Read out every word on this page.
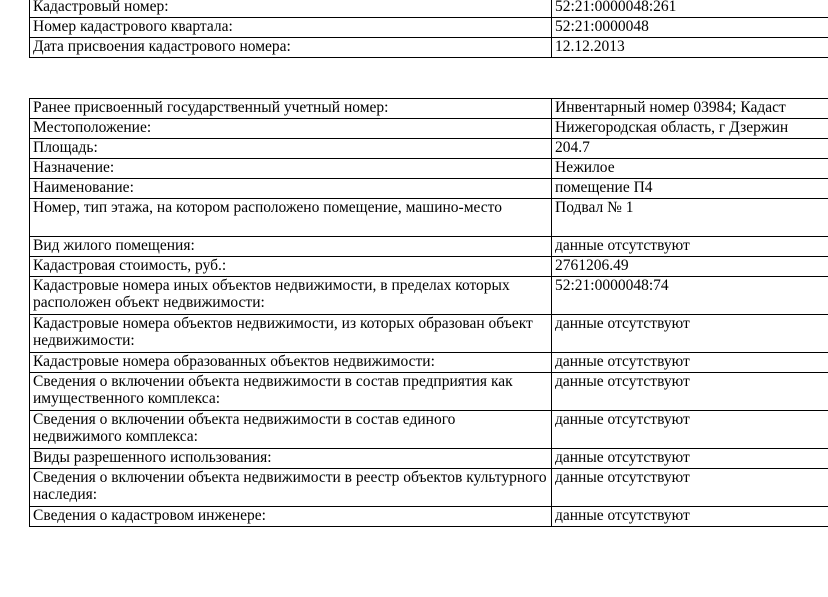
Кадастровый номер:	52:21:0000048:261
Номер кадастрового квартала:	52:21:0000048
Дата присвоения кадастрового номера:	12.12.2013
Ранее присвоенный государственный учетный номер:	Инвентарный номер 03984; Кадаст
Местоположение:	Нижегородская область, г Дзержин
Площадь:	204.7
Назначение:	Нежилое
Наименование:	помещение П4
Номер, тип этажа, на котором расположено помещение, машино-место	Подвал № 1
Вид жилого помещения:	данные отсутствуют
Кадастровая стоимость, руб.:	2761206.49
Кадастровые номера иных объектов недвижимости, в пределах которых расположен объект недвижимости:	52:21:0000048:74
Кадастровые номера объектов недвижимости, из которых образован объект недвижимости:	данные отсутствуют
Кадастровые номера образованных объектов недвижимости:	данные отсутствуют
Сведения о включении объекта недвижимости в состав предприятия как имущественного комплекса:	данные отсутствуют
Сведения о включении объекта недвижимости в состав единого недвижимого комплекса:	данные отсутствуют
Виды разрешенного использования:	данные отсутствуют
Сведения о включении объекта недвижимости в реестр объектов культурного наследия:	данные отсутствуют
Сведения о кадастровом инженере:	данные отсутствуют
